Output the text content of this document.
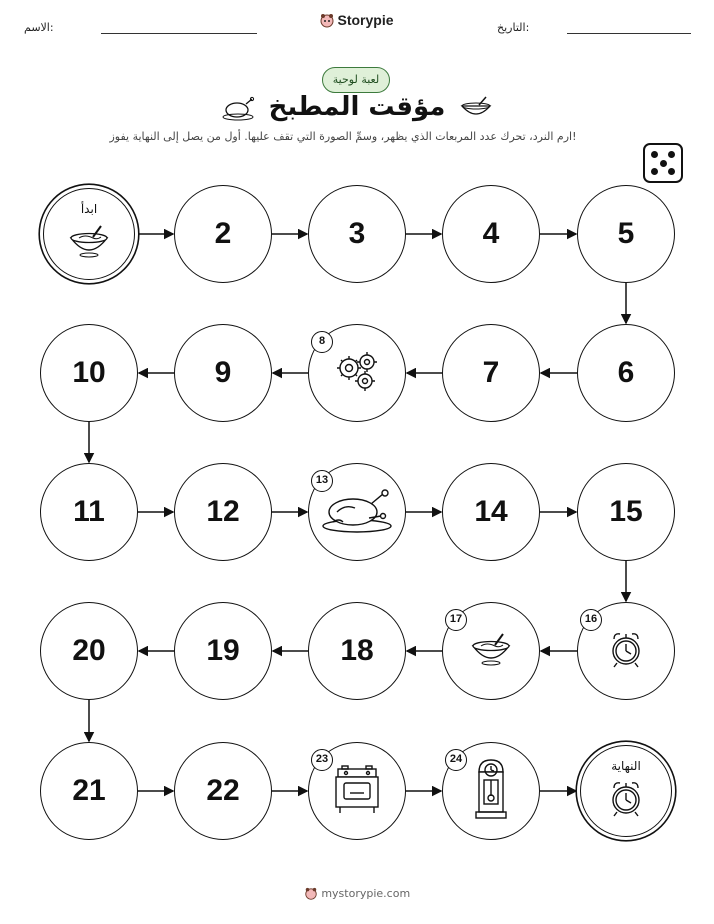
الاسم:	Storypie	التاريخ:
لعبة لوحية
مؤقت المطبخ
ارم النرد، تحرك عدد المربعات الذي يظهر، وسمِّ الصورة التي تقف عليها. أول من يصل إلى النهاية يفوز!
ابدأ
2	3	4	5
6
7
8
9
10
11	12
13
14	15
16
17
18
19
20
21	22
23	24	النهاية
mystorypie.com
